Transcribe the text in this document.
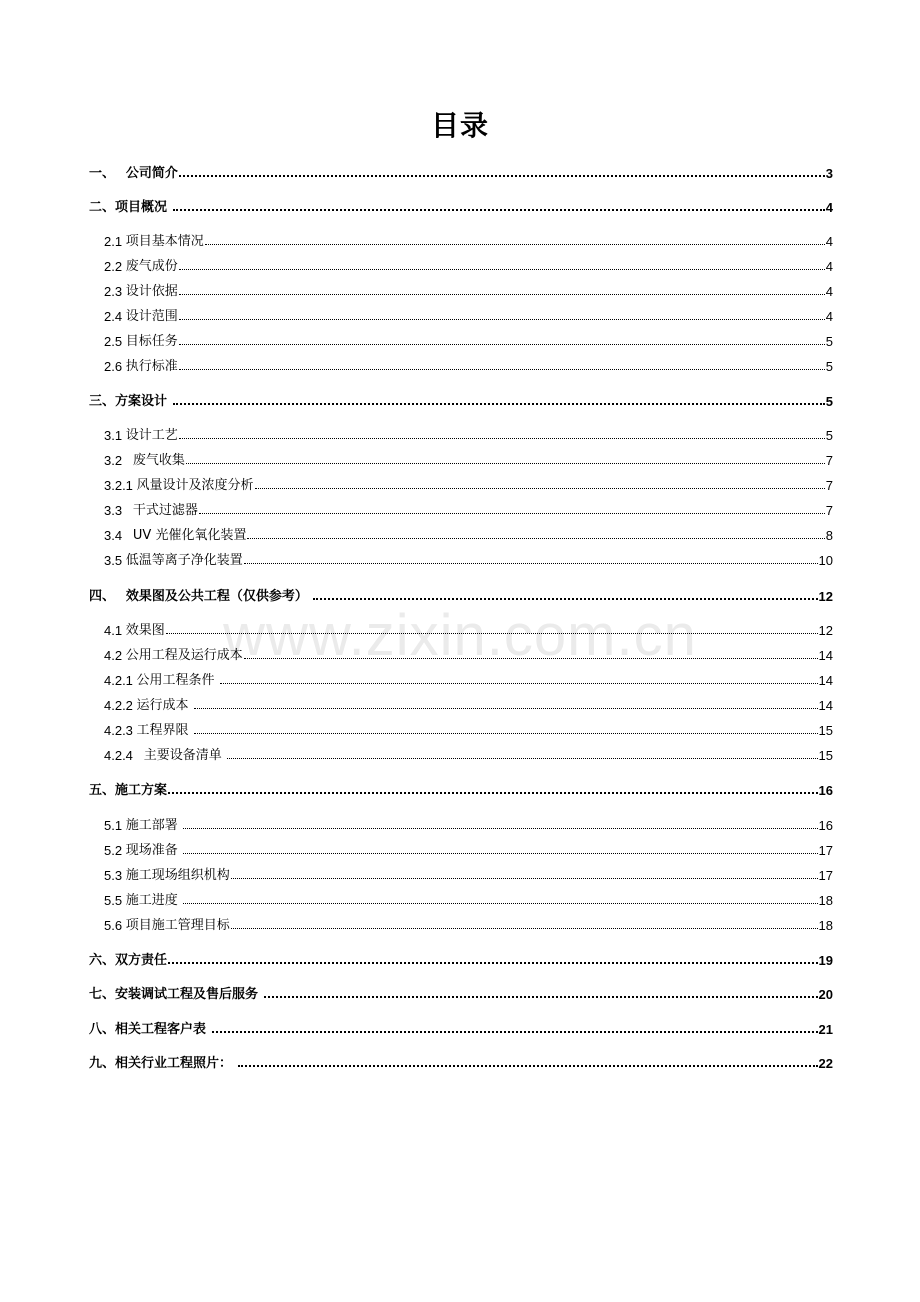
www.zixin.com.cn
目录
一、 公司简介	3
二、 项目概况	4
2.1 项目基本情况	4
2.2 废气成份	4
2.3 设计依据	4
2.4 设计范围	4
2.5 目标任务	5
2.6 执行标准	5
三、 方案设计	5
3.1 设计工艺	5
3.2 废气收集	7
3.2.1 风量设计及浓度分析	7
3.3 干式过滤器	7
3.4 UV 光催化氧化装置	8
3.5 低温等离子净化装置	10
四、 效果图及公共工程（仅供参考）	12
4.1 效果图	12
4.2 公用工程及运行成本	14
4.2.1 公用工程条件	14
4.2.2 运行成本	14
4.2.3 工程界限	15
4.2.4 主要设备清单	15
五、 施工方案	16
5.1 施工部署	16
5.2 现场准备	17
5.3 施工现场组织机构	17
5.5 施工进度	18
5.6 项目施工管理目标	18
六、 双方责任	19
七、 安装调试工程及售后服务	20
八、 相关工程客户表	21
九、 相关行业工程照片：	22
